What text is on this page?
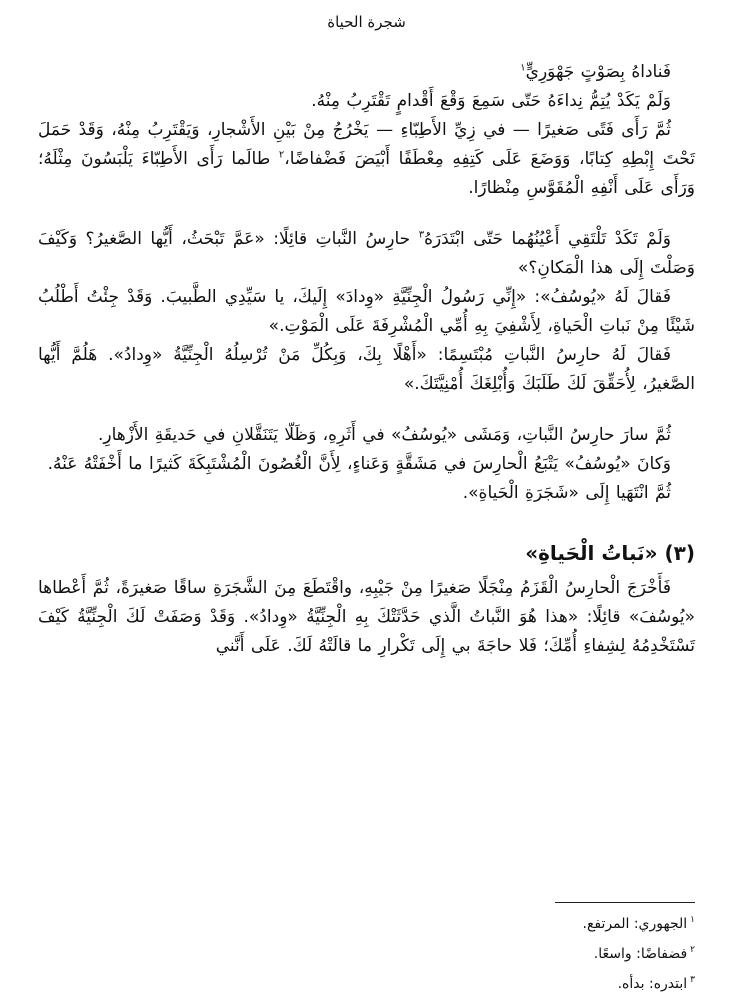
شجرة الحياة

فَناداهُ بِصَوْتٍ جَهْوَرِيٍّ$^١$

وَلَمْ يَكَدْ يُتِمُّ نِداءَهُ حَتّى سَمِعَ وَقْعَ أَقْدامٍ تَقْتَرِبُ مِنْهُ.

ثُمَّ رَأَى فَتًى صَغيرًا — في زِيِّ الأَطِبّاءِ — يَخْرُجُ مِنْ بَيْنِ الأَشْجارِ، وَيَقْتَرِبُ مِنْهُ، وَقَدْ حَمَلَ تَحْتَ إِبْطِهِ كِتابًا، وَوَضَعَ عَلَى كَتِفِهِ مِعْطَفًا أَبْيَضَ فَضْفاضًا،$^٢$ طالَما رَأَى الأَطِبّاءَ يَلْبَسُونَ مِثْلَهُ؛ وَرَأَى عَلَى أَنْفِهِ الْمُقَوَّسِ مِنْظارًا.

وَلَمْ تَكَدْ تَلْتَقِي أَعْيُنُهُما حَتّى ابْتَدَرَهُ$^٣$ حارِسُ النَّباتِ قائِلًا: «عَمَّ تَبْحَثُ، أَيُّها الصَّغيرُ؟ وَكَيْفَ وَصَلْتَ إِلَى هذا الْمَكانِ؟»

فَقالَ لَهُ «يُوسُفُ»: «إِنِّي رَسُولُ الْجِنِّيَّةِ «وِدادَ» إِلَيكَ، يا سَيِّدِي الطَّبيبَ. وَقَدْ جِئْتُ أَطْلُبُ شَيْئًا مِنْ نَباتِ الْحَياةِ، لِأَشْفِيَ بِهِ أُمِّي الْمُشْرِفَةَ عَلَى الْمَوْتِ.»

فَقالَ لَهُ حارِسُ النَّباتِ مُبْتَسِمًا: «أَهْلًا بِكَ، وَبِكُلِّ مَنْ تُرْسِلُهُ الْجِنِّيَّةُ «وِدادُ». هَلُمَّ أَيُّها الصَّغيرُ، لِأُحَقِّقَ لَكَ طَلَبَكَ وَأُبْلِغَكَ أُمْنِيَّتَكَ.»

ثُمَّ سارَ حارِسُ النَّباتِ، وَمَشَى «يُوسُفُ» في أَثَرِهِ، وَظَلّا يَتَنَقَّلانِ في حَديقَةِ الأَزْهارِ.

وَكانَ «يُوسُفُ» يَتْبَعُ الْحارِسَ في مَشَقَّةٍ وَعَناءٍ، لِأَنَّ الْغُصُونَ الْمُشْتَبِكَةَ كَثيرًا ما أَخْفَتْهُ عَنْهُ.

ثُمَّ انْتَهَيا إِلَى «شَجَرَةِ الْحَياةِ».

(٣) «نَباتُ الْحَياةِ»

فَأَخْرَجَ الْحارِسُ الْقَزَمُ مِنْجَلًا صَغيرًا مِنْ جَيْبِهِ، واقْتَطَعَ مِنَ الشَّجَرَةِ ساقًا صَغيرَةً، ثُمَّ أَعْطاها «يُوسُفَ» قائِلًا: «هذا هُوَ النَّباتُ الَّذي حَدَّثَتْكَ بِهِ الْجِنِّيَّةُ «وِدادُ». وَقَدْ وَصَفَتْ لَكَ الْجِنِّيَّةُ كَيْفَ تَسْتَخْدِمُهُ لِشِفاءِ أُمِّكَ؛ فَلا حاجَةَ بي إِلَى تَكْرارِ ما قالَتْهُ لَكَ. عَلَى أَنَّني

$^١$الجهوري: المرتفع.
$^٢$فضفاضًا: واسعًا.
$^٣$ابتدره: بدأه.
